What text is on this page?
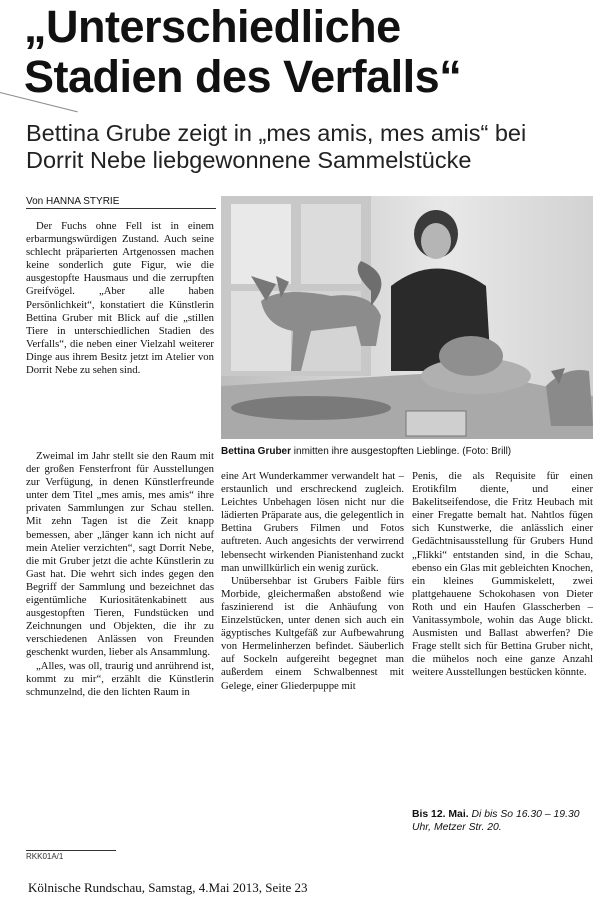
„Unterschiedliche
Stadien des Verfalls“
Bettina Grube zeigt in „mes amis, mes amis“ bei Dorrit Nebe liebgewonnene Sammelstücke
Von HANNA STYRIE
Bettina Gruber inmitten ihre ausgestopften Lieblinge. (Foto: Brill)

Der Fuchs ohne Fell ist in einem erbarmungswürdigen Zustand. Auch seine schlecht präparierten Artgenossen machen keine sonderlich gute Figur, wie die ausgestopfte Hausmaus und die zerrupften Greifvögel. „Aber alle haben Persönlichkeit“, konstatiert die Künstlerin Bettina Gruber mit Blick auf die „stillen Tiere in unterschiedlichen Stadien des Verfalls“, die neben einer Vielzahl weiterer Dinge aus ihrem Besitz jetzt im Atelier von Dorrit Nebe zu sehen sind.

Zweimal im Jahr stellt sie den Raum mit der großen Fensterfront für Ausstellungen zur Verfügung, in denen Künstlerfreunde unter dem Titel „mes amis, mes amis“ ihre privaten Sammlungen zur Schau stellen. Mit zehn Tagen ist die Zeit knapp bemessen, aber „länger kann ich nicht auf mein Atelier verzichten“, sagt Dorrit Nebe, die mit Gruber jetzt die achte Künstlerin zu Gast hat. Die wehrt sich indes gegen den Begriff der Sammlung und bezeichnet das eigentümliche Kuriositätenkabinett aus ausgestopften Tieren, Fundstücken und Zeichnungen und Objekten, die ihr zu verschiedenen Anlässen von Freunden geschenkt wurden, lieber als Ansammlung.

„Alles, was oll, traurig und anrührend ist, kommt zu mir“, erzählt die Künstlerin schmunzelnd, die den lichten Raum in

eine Art Wunderkammer verwandelt hat – erstaunlich und erschreckend zugleich. Leichtes Unbehagen lösen nicht nur die lädierten Präparate aus, die gelegentlich in Bettina Grubers Filmen und Fotos auftreten. Auch angesichts der verwirrend lebensecht wirkenden Pianistenhand zuckt man unwillkürlich ein wenig zurück.

Unübersehbar ist Grubers Faible fürs Morbide, gleichermaßen abstoßend wie faszinierend ist die Anhäufung von Einzelstücken, unter denen sich auch ein ägyptisches Kultgefäß zur Aufbewahrung von Hermelinherzen befindet. Säuberlich auf Sockeln aufgereiht begegnet man außerdem einem Schwalbennest mit Gelege, einer Gliederpuppe mit

Penis, die als Requisite für einen Erotikfilm diente, und einer Bakelitseifendose, die Fritz Heubach mit einer Fregatte bemalt hat. Nahtlos fügen sich Kunstwerke, die anlässlich einer Gedächtnisausstellung für Grubers Hund „Flikki“ entstanden sind, in die Schau, ebenso ein Glas mit gebleichten Knochen, ein kleines Gummiskelett, zwei plattgehauene Schokohasen von Dieter Roth und ein Haufen Glasscherben – Vanitassymbole, wohin das Auge blickt. Ausmisten und Ballast abwerfen? Die Frage stellt sich für Bettina Gruber nicht, die mühelos noch eine ganze Anzahl weitere Ausstellungen bestücken könnte.

Bis 12. Mai. Di bis So 16.30 – 19.30 Uhr, Metzer Str. 20.
RKK01A/1
Kölnische Rundschau, Samstag, 4.Mai 2013, Seite 23
